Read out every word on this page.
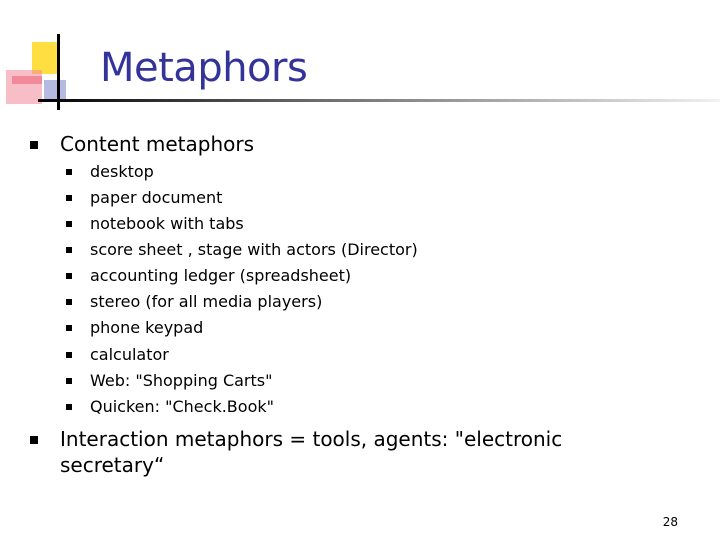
Metaphors
Content metaphors
desktop
paper document
notebook with tabs
score sheet , stage with actors (Director)
accounting ledger (spreadsheet)
stereo (for all media players)
phone keypad
calculator
Web: "Shopping Carts"
Quicken: "Check.Book"
Interaction metaphors = tools, agents: "electronic
secretary“
28
